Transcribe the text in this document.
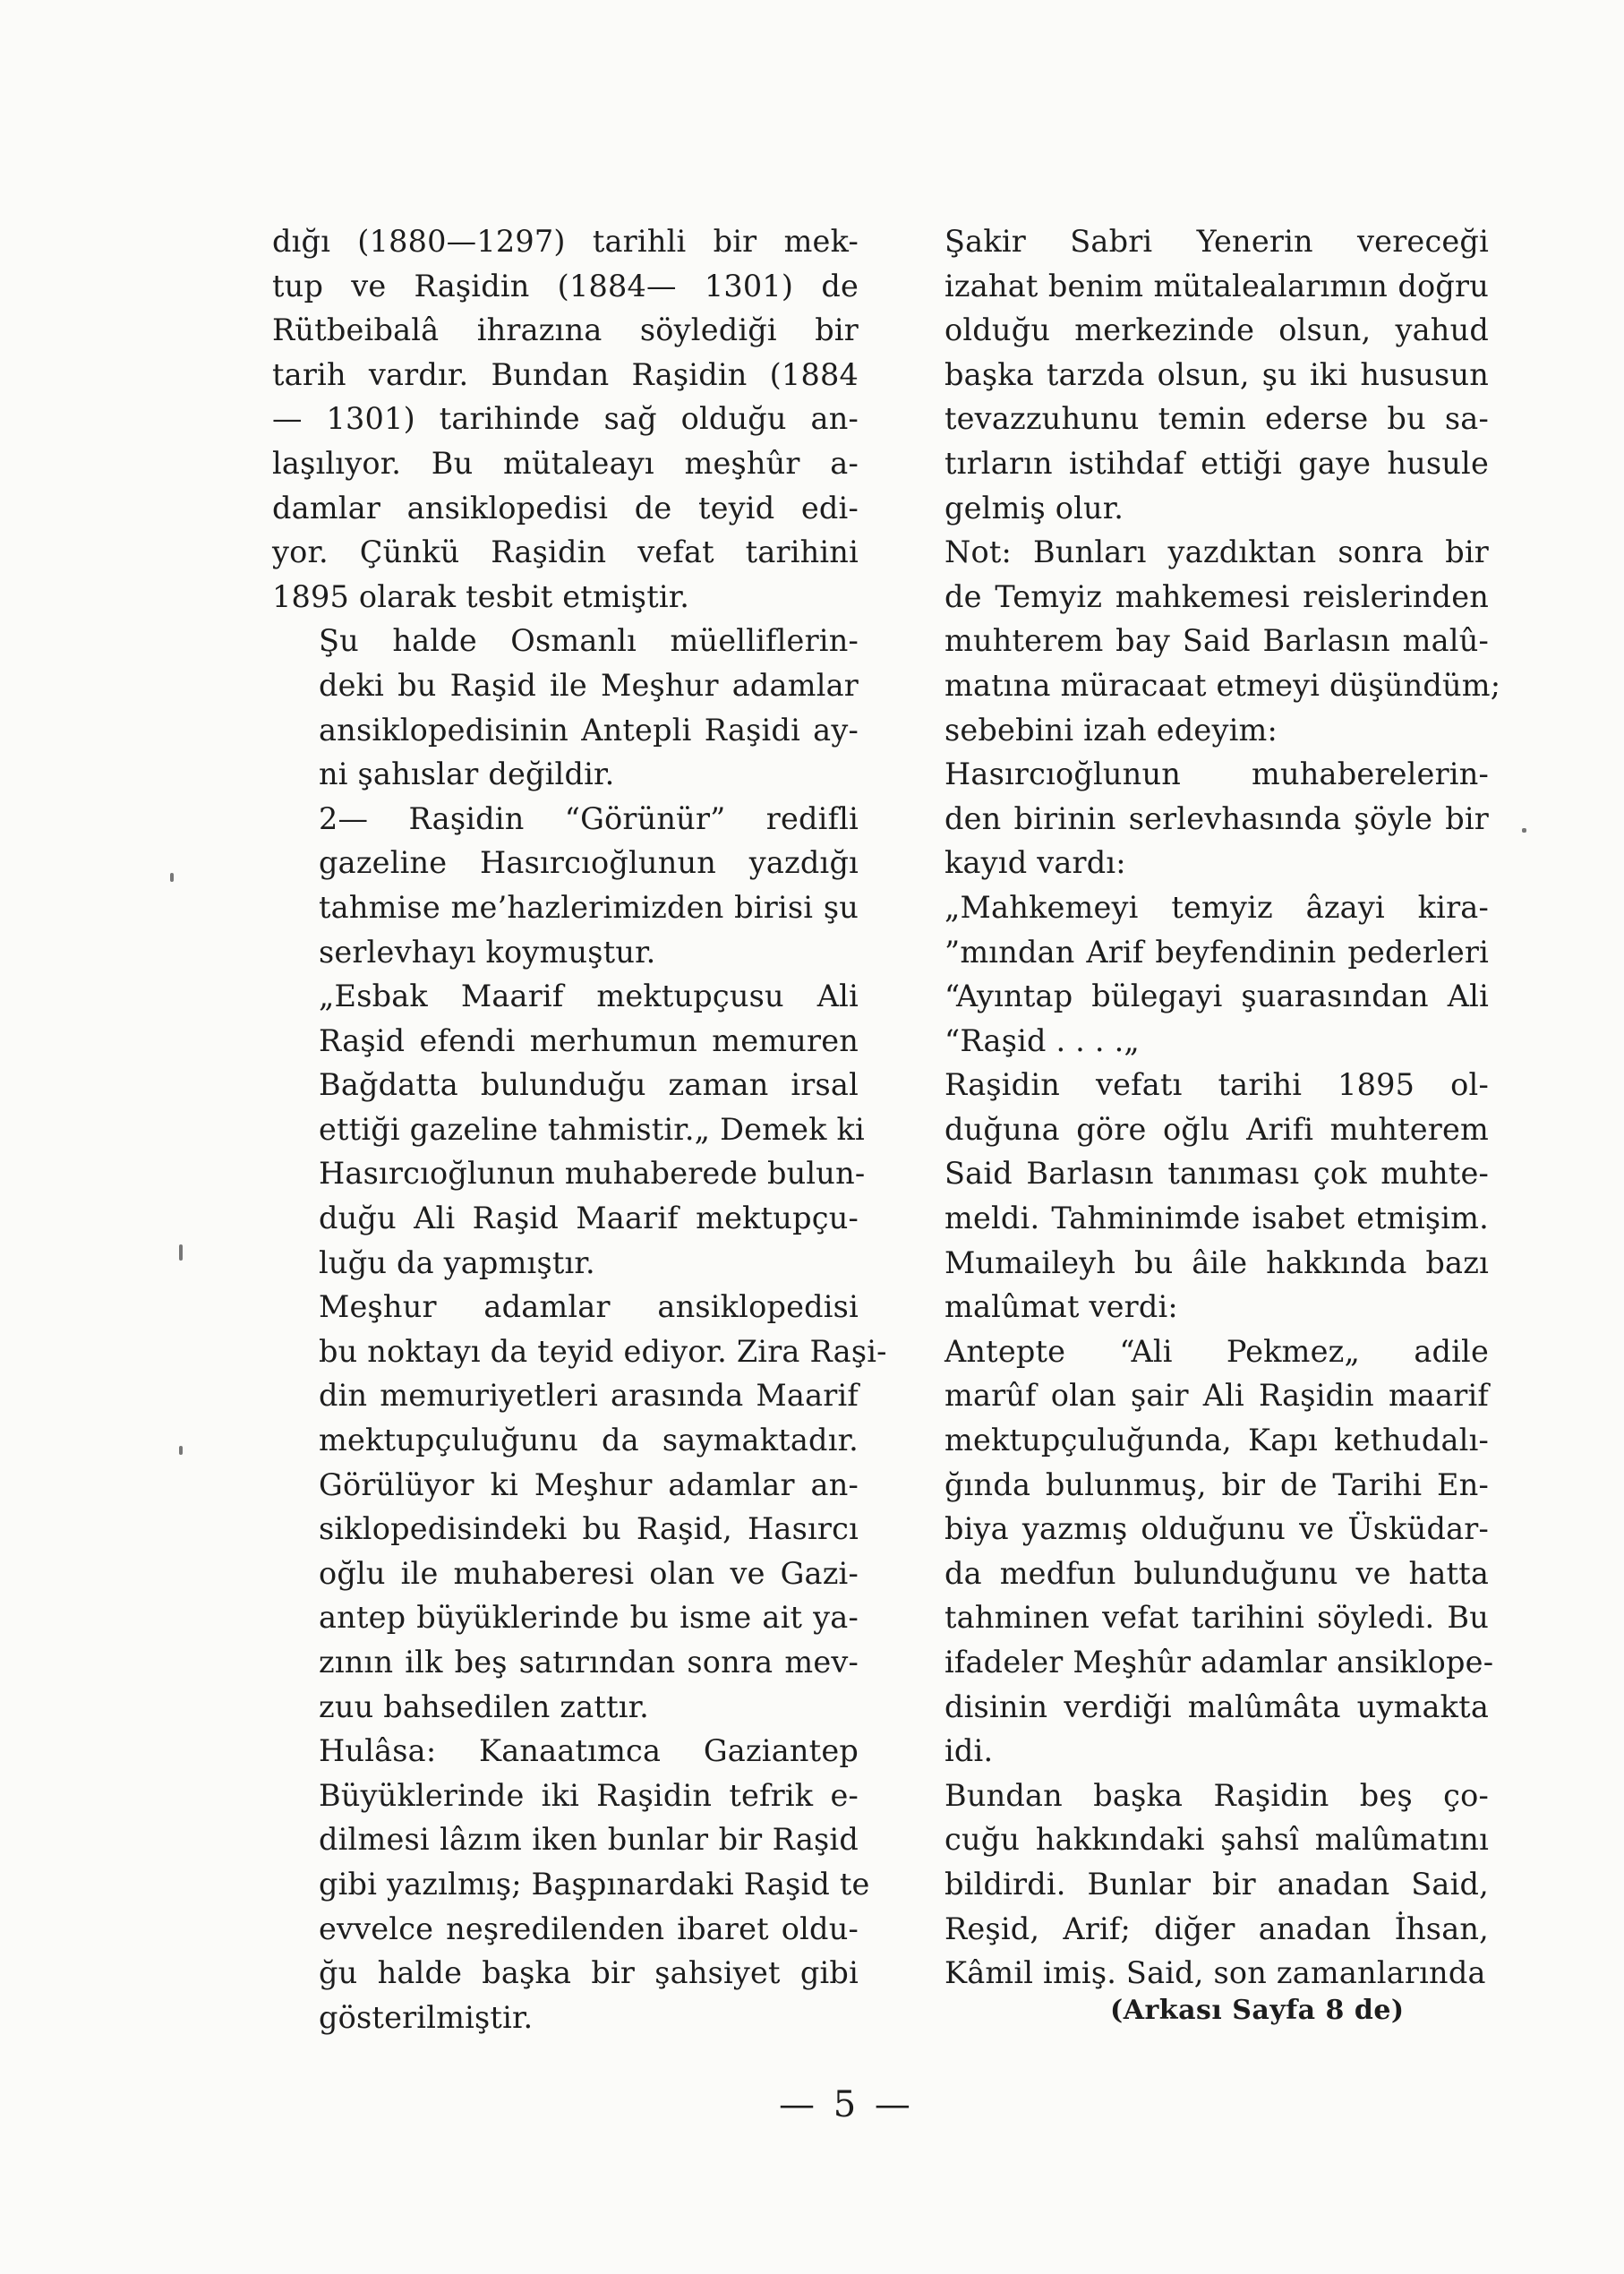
dığı (1880—1297) tarihli bir mek-
tup ve Raşidin (1884— 1301) de
Rütbeibalâ ihrazına söylediği bir
tarih vardır. Bundan Raşidin (1884
— 1301) tarihinde sağ olduğu an-
laşılıyor. Bu mütaleayı meşhûr a-
damlar ansiklopedisi de teyid edi-
yor. Çünkü Raşidin vefat tarihini
1895 olarak tesbit etmiştir.

Şu halde Osmanlı müelliflerin-
deki bu Raşid ile Meşhur adamlar
ansiklopedisinin Antepli Raşidi ay-
ni şahıslar değildir.

2— Raşidin “Görünür” redifli
gazeline Hasırcıoğlunun yazdığı
tahmise me’hazlerimizden birisi şu
serlevhayı koymuştur.

„Esbak Maarif mektupçusu Ali
Raşid efendi merhumun memuren
Bağdatta bulunduğu zaman irsal
ettiği gazeline tahmistir.„ Demek ki
Hasırcıoğlunun muhaberede bulun-
duğu Ali Raşid Maarif mektupçu-
luğu da yapmıştır.

Meşhur adamlar ansiklopedisi
bu noktayı da teyid ediyor. Zira Raşi-
din memuriyetleri arasında Maarif
mektupçuluğunu da saymaktadır.
Görülüyor ki Meşhur adamlar an-
siklopedisindeki bu Raşid, Hasırcı
oğlu ile muhaberesi olan ve Gazi-
antep büyüklerinde bu isme ait ya-
zının ilk beş satırından sonra mev-
zuu bahsedilen zattır.

Hulâsa: Kanaatımca Gaziantep
Büyüklerinde iki Raşidin tefrik e-
dilmesi lâzım iken bunlar bir Raşid
gibi yazılmış; Başpınardaki Raşid te
evvelce neşredilenden ibaret oldu-
ğu halde başka bir şahsiyet gibi
gösterilmiştir.

Şakir Sabri Yenerin vereceği
izahat benim mütalealarımın doğru
olduğu merkezinde olsun, yahud
başka tarzda olsun, şu iki hususun
tevazzuhunu temin ederse bu sa-
tırların istihdaf ettiği gaye husule
gelmiş olur.

Not: Bunları yazdıktan sonra bir
de Temyiz mahkemesi reislerinden
muhterem bay Said Barlasın malû-
matına müracaat etmeyi düşündüm;
sebebini izah edeyim:

Hasırcıoğlunun muhaberelerin-
den birinin serlevhasında şöyle bir
kayıd vardı:

„Mahkemeyi temyiz âzayi kira-
”mından Arif beyfendinin pederleri
“Ayıntap bülegayi şuarasından Ali
“Raşid . . . .„

Raşidin vefatı tarihi 1895 ol-
duğuna göre oğlu Arifi muhterem
Said Barlasın tanıması çok muhte-
meldi. Tahminimde isabet etmişim.
Mumaileyh bu âile hakkında bazı
malûmat verdi:

Antepte “Ali Pekmez„ adile
marûf olan şair Ali Raşidin maarif
mektupçuluğunda, Kapı kethudalı-
ğında bulunmuş, bir de Tarihi En-
biya yazmış olduğunu ve Üsküdar-
da medfun bulunduğunu ve hatta
tahminen vefat tarihini söyledi. Bu
ifadeler Meşhûr adamlar ansiklope-
disinin verdiği malûmâta uymakta
idi.

Bundan başka Raşidin beş ço-
cuğu hakkındaki şahsî malûmatını
bildirdi. Bunlar bir anadan Said,
Reşid, Arif; diğer anadan İhsan,
Kâmil imiş. Said, son zamanlarında

(Arkası Sayfa 8 de)
— 5 —
